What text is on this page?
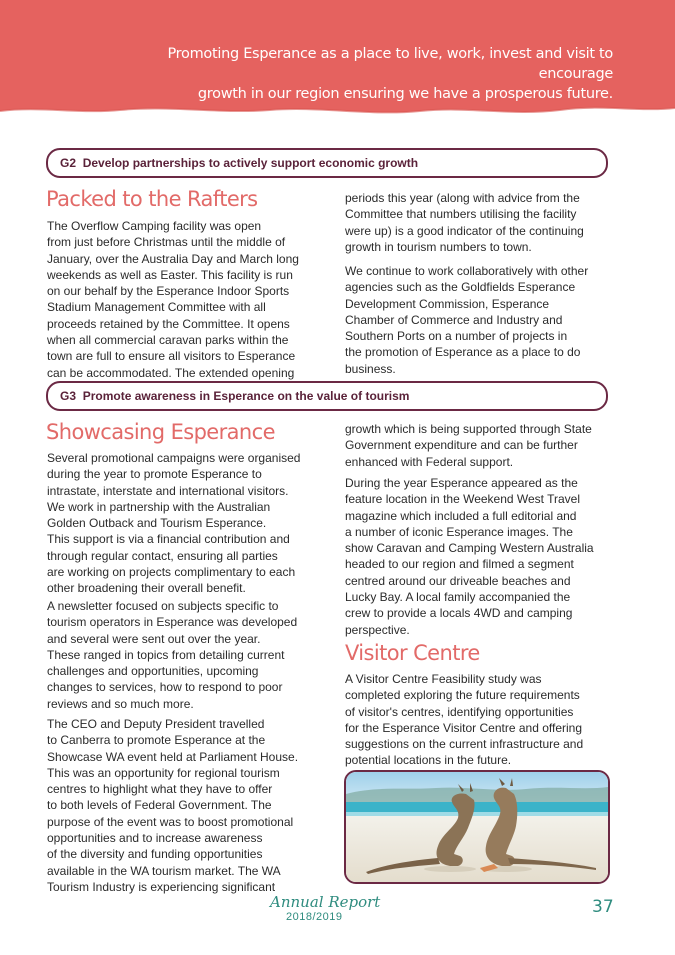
Promoting Esperance as a place to live, work, invest and visit to encourage
growth in our region ensuring we have a prosperous future.
G2 Develop partnerships to actively support economic growth
Packed to the Rafters

The Overflow Camping facility was open
from just before Christmas until the middle of
January, over the Australia Day and March long
weekends as well as Easter. This facility is run
on our behalf by the Esperance Indoor Sports
Stadium Management Committee with all
proceeds retained by the Committee. It opens
when all commercial caravan parks within the
town are full to ensure all visitors to Esperance
can be accommodated. The extended opening

periods this year (along with advice from the
Committee that numbers utilising the facility
were up) is a good indicator of the continuing
growth in tourism numbers to town.

We continue to work collaboratively with other
agencies such as the Goldfields Esperance
Development Commission, Esperance
Chamber of Commerce and Industry and
Southern Ports on a number of projects in
the promotion of Esperance as a place to do
business.

G3 Promote awareness in Esperance on the value of tourism
Showcasing Esperance

Several promotional campaigns were organised
during the year to promote Esperance to
intrastate, interstate and international visitors.
We work in partnership with the Australian
Golden Outback and Tourism Esperance.
This support is via a financial contribution and
through regular contact, ensuring all parties
are working on projects complimentary to each
other broadening their overall benefit.

A newsletter focused on subjects specific to
tourism operators in Esperance was developed
and several were sent out over the year.
These ranged in topics from detailing current
challenges and opportunities, upcoming
changes to services, how to respond to poor
reviews and so much more.

The CEO and Deputy President travelled
to Canberra to promote Esperance at the
Showcase WA event held at Parliament House.
This was an opportunity for regional tourism
centres to highlight what they have to offer
to both levels of Federal Government. The
purpose of the event was to boost promotional
opportunities and to increase awareness
of the diversity and funding opportunities
available in the WA tourism market. The WA
Tourism Industry is experiencing significant

growth which is being supported through State
Government expenditure and can be further
enhanced with Federal support.

During the year Esperance appeared as the
feature location in the Weekend West Travel
magazine which included a full editorial and
a number of iconic Esperance images. The
show Caravan and Camping Western Australia
headed to our region and filmed a segment
centred around our driveable beaches and
Lucky Bay. A local family accompanied the
crew to provide a locals 4WD and camping
perspective.

Visitor Centre

A Visitor Centre Feasibility study was
completed exploring the future requirements
of visitor's centres, identifying opportunities
for the Esperance Visitor Centre and offering
suggestions on the current infrastructure and
potential locations in the future.

Annual Report
2018/2019	37
